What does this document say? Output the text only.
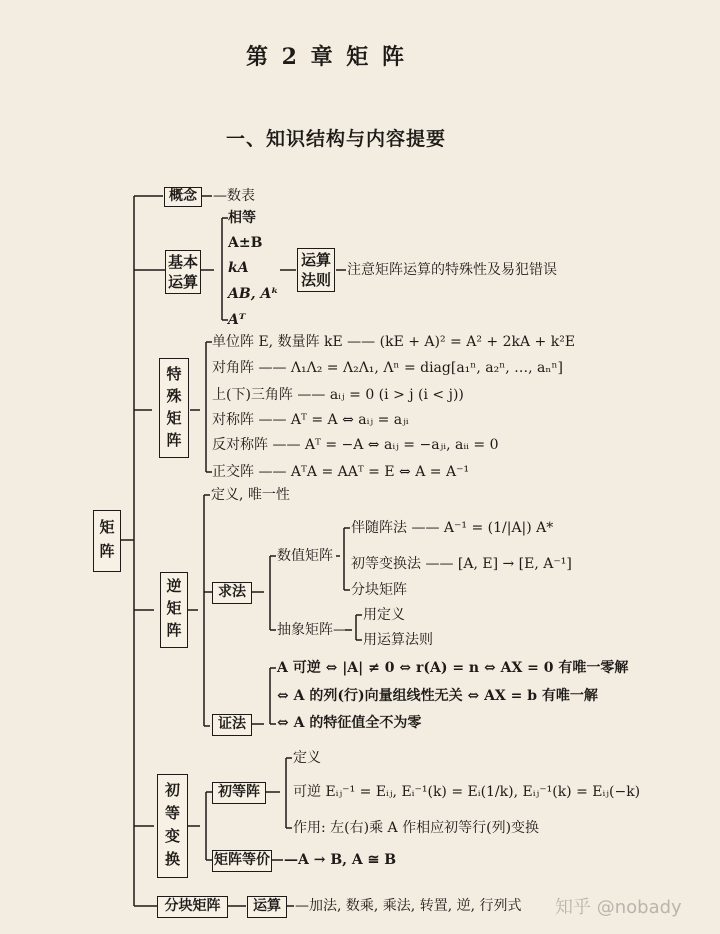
第 2 章 矩 阵
一、知识结构与内容提要
矩阵
概念	—数表
基本
运算
相等
A±B
kA
AB, Aᵏ
Aᵀ
运算
法则
注意矩阵运算的特殊性及易犯错误
特
殊
矩
阵
单位阵 E, 数量阵 kE —— (kE + A)² = A² + 2kA + k²E
对角阵 —— Λ₁Λ₂ = Λ₂Λ₁, Λⁿ = diag[a₁ⁿ, a₂ⁿ, …, aₙⁿ]
上(下)三角阵 —— aᵢⱼ = 0 (i > j (i < j))
对称阵 —— Aᵀ = A ⇔ aᵢⱼ = aⱼᵢ
反对称阵 —— Aᵀ = −A ⇔ aᵢⱼ = −aⱼᵢ, aᵢᵢ = 0
正交阵 —— AᵀA = AAᵀ = E ⇔ A = A⁻¹
逆
矩
阵
定义, 唯一性
求法
数值矩阵
伴随阵法 —— A⁻¹ = (1/|A|) A*
初等变换法 —— [A, E] → [E, A⁻¹]
分块矩阵
抽象矩阵—
用定义
用运算法则
证法
A 可逆 ⇔ |A| ≠ 0 ⇔ r(A) = n ⇔ AX = 0 有唯一零解
⇔ A 的列(行)向量组线性无关 ⇔ AX = b 有唯一解
⇔ A 的特征值全不为零
初
等
变
换
初等阵
定义
可逆 Eᵢⱼ⁻¹ = Eᵢⱼ, Eᵢ⁻¹(k) = Eᵢ(1/k), Eᵢⱼ⁻¹(k) = Eᵢⱼ(−k)
作用: 左(右)乘 A 作相应初等行(列)变换
矩阵等价 —A → B, A ≅ B
分块矩阵	运算	—加法, 数乘, 乘法, 转置, 逆, 行列式 知乎 @nobady
